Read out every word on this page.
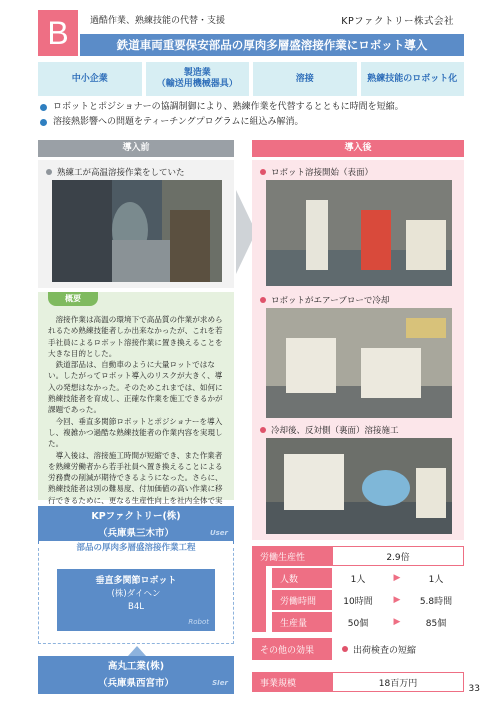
B	過酷作業、熟練技能の代替・支援	KPファクトリー株式会社
鉄道車両重要保安部品の厚肉多層盛溶接作業にロボット導入
中小企業
製造業
（輸送用機械器具）
溶接	熟練技能のロボット化
ロボットとポジショナーの協調制御により、熟練作業を代替するとともに時間を短縮。
溶接熱影響への問題をティーチングプログラムに組込み解消。
導入前	導入後
熟練工が高温溶接作業をしていた	ロボット溶接開始（表面）
ロボットがエアーブローで冷却
冷却後、反対側（裏面）溶接施工

溶接作業は高温の環境下で高品質の作業が求められるため熟練技能者しか出来なかったが、これを若手社員によるロボット溶接作業に置き換えることを大きな目的とした。

鉄道部品は、自動車のように大量ロットではない。したがってロボット導入のリスクが大きく、導入の発想はなかった。そのためこれまでは、如何に熟練技能者を育成し、正確な作業を施工できるかが課題であった。

今回、垂直多関節ロボットとポジショナーを導入し、複雑かつ過酷な熟練技能者の作業内容を実現した。

導入後は、溶接施工時間が短縮でき、また作業者を熟練労働者から若手社員へ置き換えることによる労務費の削減が期待できるようになった。さらに、熟練技能者は別の難易度、付加価値の高い作業に移行できるために、更なる生産性向上を社内全体で実

概要
KPファクトリー(株)
（兵庫県三木市）	User
部品の厚肉多層盛溶接作業工程
垂直多関節ロボット
(株)ダイヘン
B4L
Robot
高丸工業(株)
（兵庫県西宮市）	SIer
労働生産性	2.9倍
人数	1人	▶	1人
労働時間	10時間	▶	5.8時間
生産量	50個	▶	85個
その他の効果	出荷検査の短縮
事業規模	18百万円
33
